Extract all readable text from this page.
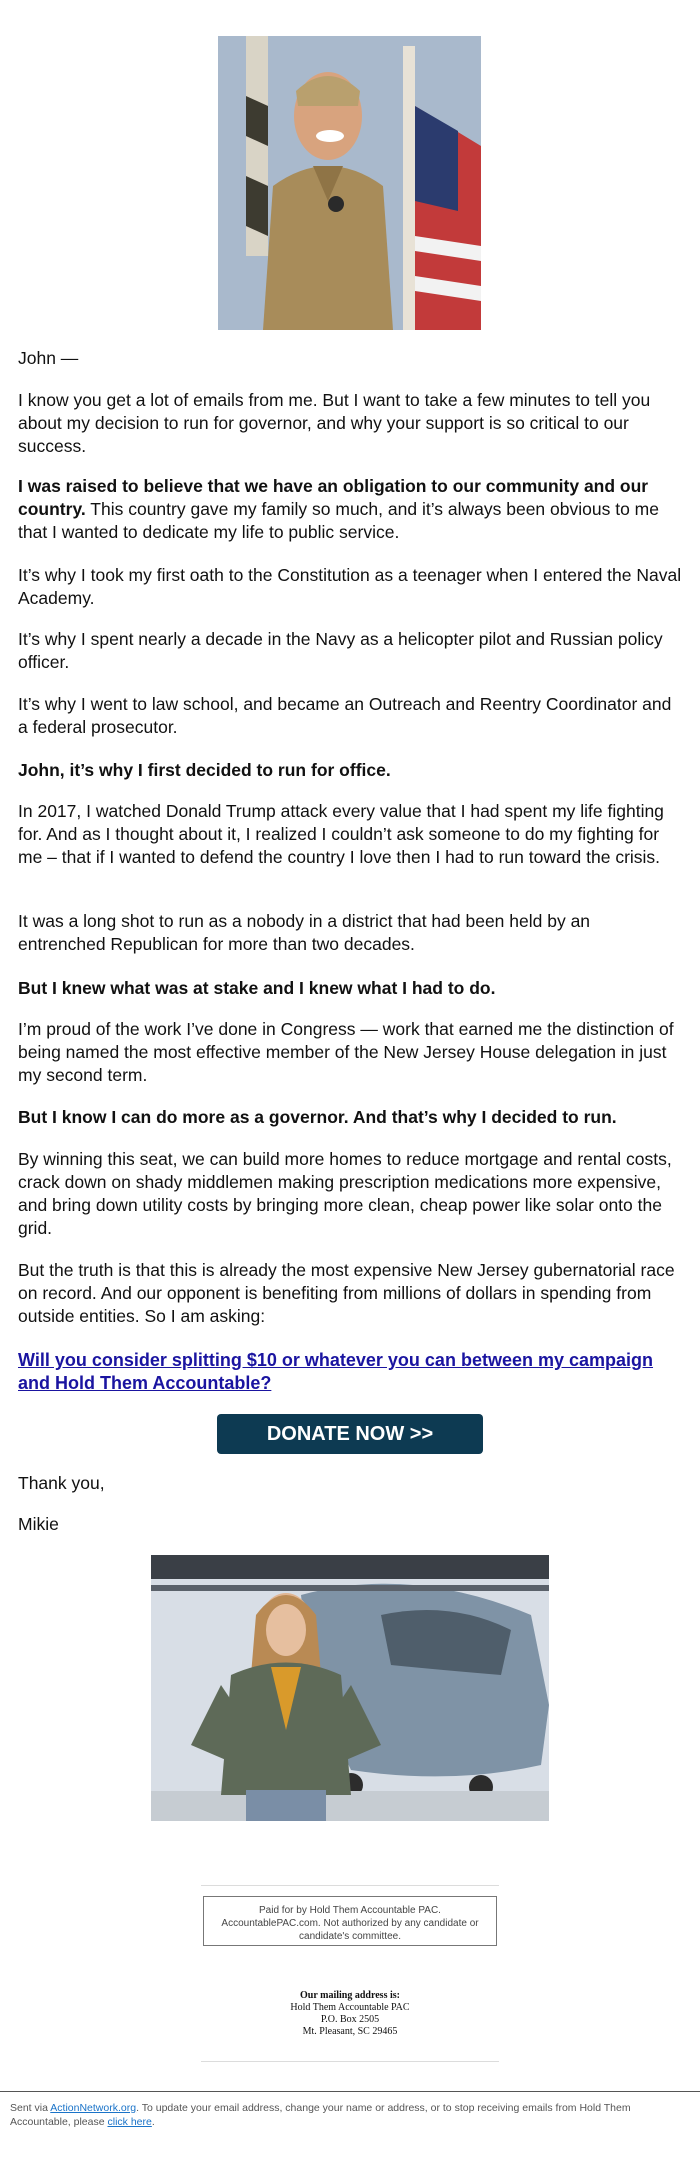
John —

I know you get a lot of emails from me. But I want to take a few minutes to tell you about my decision to run for governor, and why your support is so critical to our success.

I was raised to believe that we have an obligation to our community and our country. This country gave my family so much, and it’s always been obvious to me that I wanted to dedicate my life to public service.

It’s why I took my first oath to the Constitution as a teenager when I entered the Naval Academy.

It’s why I spent nearly a decade in the Navy as a helicopter pilot and Russian policy officer.

It’s why I went to law school, and became an Outreach and Reentry Coordinator and a federal prosecutor.

John, it’s why I first decided to run for office.

In 2017, I watched Donald Trump attack every value that I had spent my life fighting for. And as I thought about it, I realized I couldn’t ask someone to do my fighting for me – that if I wanted to defend the country I love then I had to run toward the crisis.

It was a long shot to run as a nobody in a district that had been held by an entrenched Republican for more than two decades.

But I knew what was at stake and I knew what I had to do.

I’m proud of the work I’ve done in Congress — work that earned me the distinction of being named the most effective member of the New Jersey House delegation in just my second term.

But I know I can do more as a governor. And that’s why I decided to run.

By winning this seat, we can build more homes to reduce mortgage and rental costs, crack down on shady middlemen making prescription medications more expensive, and bring down utility costs by bringing more clean, cheap power like solar onto the grid.

But the truth is that this is already the most expensive New Jersey gubernatorial race on record. And our opponent is benefiting from millions of dollars in spending from outside entities. So I am asking:

Will you consider splitting $10 or whatever you can between my campaign and Hold Them Accountable?
DONATE NOW >>

Thank you,

Mikie

Paid for by Hold Them Accountable PAC. AccountablePAC.com. Not authorized by any candidate or candidate's committee.
Our mailing address is:
Hold Them Accountable PAC
P.O. Box 2505
Mt. Pleasant, SC 29465
Sent via ActionNetwork.org. To update your email address, change your name or address, or to stop receiving emails from Hold Them Accountable, please click here.
